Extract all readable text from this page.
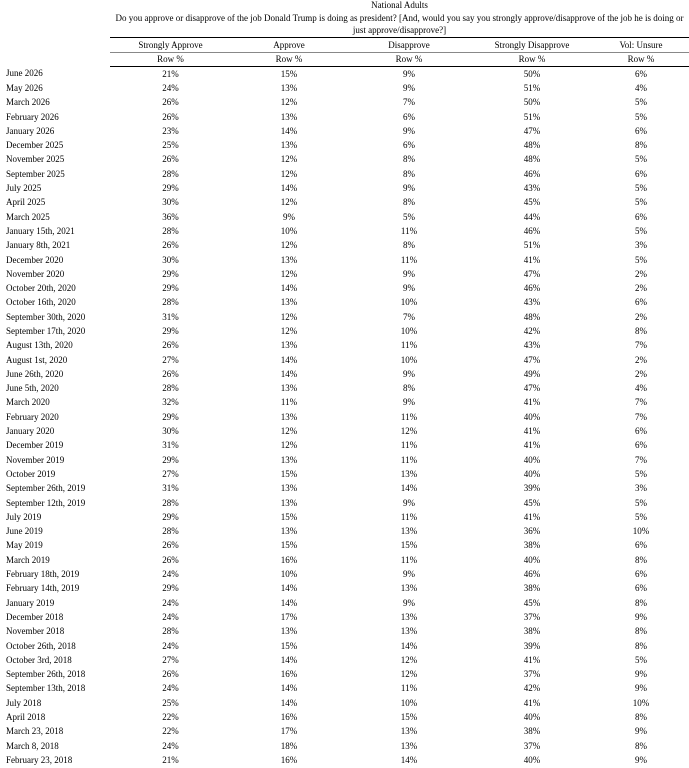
	National Adults				
	Do you approve or disapprove of the job Donald Trump is doing as president? [And, would you say you strongly approve/disapprove of the job he is doing or just approve/disapprove?]				
	Strongly Approve	Approve	Disapprove	Strongly Disapprove	Vol: Unsure
	Row %	Row %	Row %	Row %	Row %
June 2026	21%	15%	9%	50%	6%
May 2026	24%	13%	9%	51%	4%
March 2026	26%	12%	7%	50%	5%
February 2026	26%	13%	6%	51%	5%
January 2026	23%	14%	9%	47%	6%
December 2025	25%	13%	6%	48%	8%
November 2025	26%	12%	8%	48%	5%
September 2025	28%	12%	8%	46%	6%
July 2025	29%	14%	9%	43%	5%
April 2025	30%	12%	8%	45%	5%
March 2025	36%	9%	5%	44%	6%
January 15th, 2021	28%	10%	11%	46%	5%
January 8th, 2021	26%	12%	8%	51%	3%
December 2020	30%	13%	11%	41%	5%
November 2020	29%	12%	9%	47%	2%
October 20th, 2020	29%	14%	9%	46%	2%
October 16th, 2020	28%	13%	10%	43%	6%
September 30th, 2020	31%	12%	7%	48%	2%
September 17th, 2020	29%	12%	10%	42%	8%
August 13th, 2020	26%	13%	11%	43%	7%
August 1st, 2020	27%	14%	10%	47%	2%
June 26th, 2020	26%	14%	9%	49%	2%
June 5th, 2020	28%	13%	8%	47%	4%
March 2020	32%	11%	9%	41%	7%
February 2020	29%	13%	11%	40%	7%
January 2020	30%	12%	12%	41%	6%
December 2019	31%	12%	11%	41%	6%
November 2019	29%	13%	11%	40%	7%
October 2019	27%	15%	13%	40%	5%
September 26th, 2019	31%	13%	14%	39%	3%
September 12th, 2019	28%	13%	9%	45%	5%
July 2019	29%	15%	11%	41%	5%
June 2019	28%	13%	13%	36%	10%
May 2019	26%	15%	15%	38%	6%
March 2019	26%	16%	11%	40%	8%
February 18th, 2019	24%	10%	9%	46%	6%
February 14th, 2019	29%	14%	13%	38%	6%
January 2019	24%	14%	9%	45%	8%
December 2018	24%	17%	13%	37%	9%
November 2018	28%	13%	13%	38%	8%
October 26th, 2018	24%	15%	14%	39%	8%
October 3rd, 2018	27%	14%	12%	41%	5%
September 26th, 2018	26%	16%	12%	37%	9%
September 13th, 2018	24%	14%	11%	42%	9%
July 2018	25%	14%	10%	41%	10%
April 2018	22%	16%	15%	40%	8%
March 23, 2018	22%	17%	13%	38%	9%
March 8, 2018	24%	18%	13%	37%	8%
February 23, 2018	21%	16%	14%	40%	9%
